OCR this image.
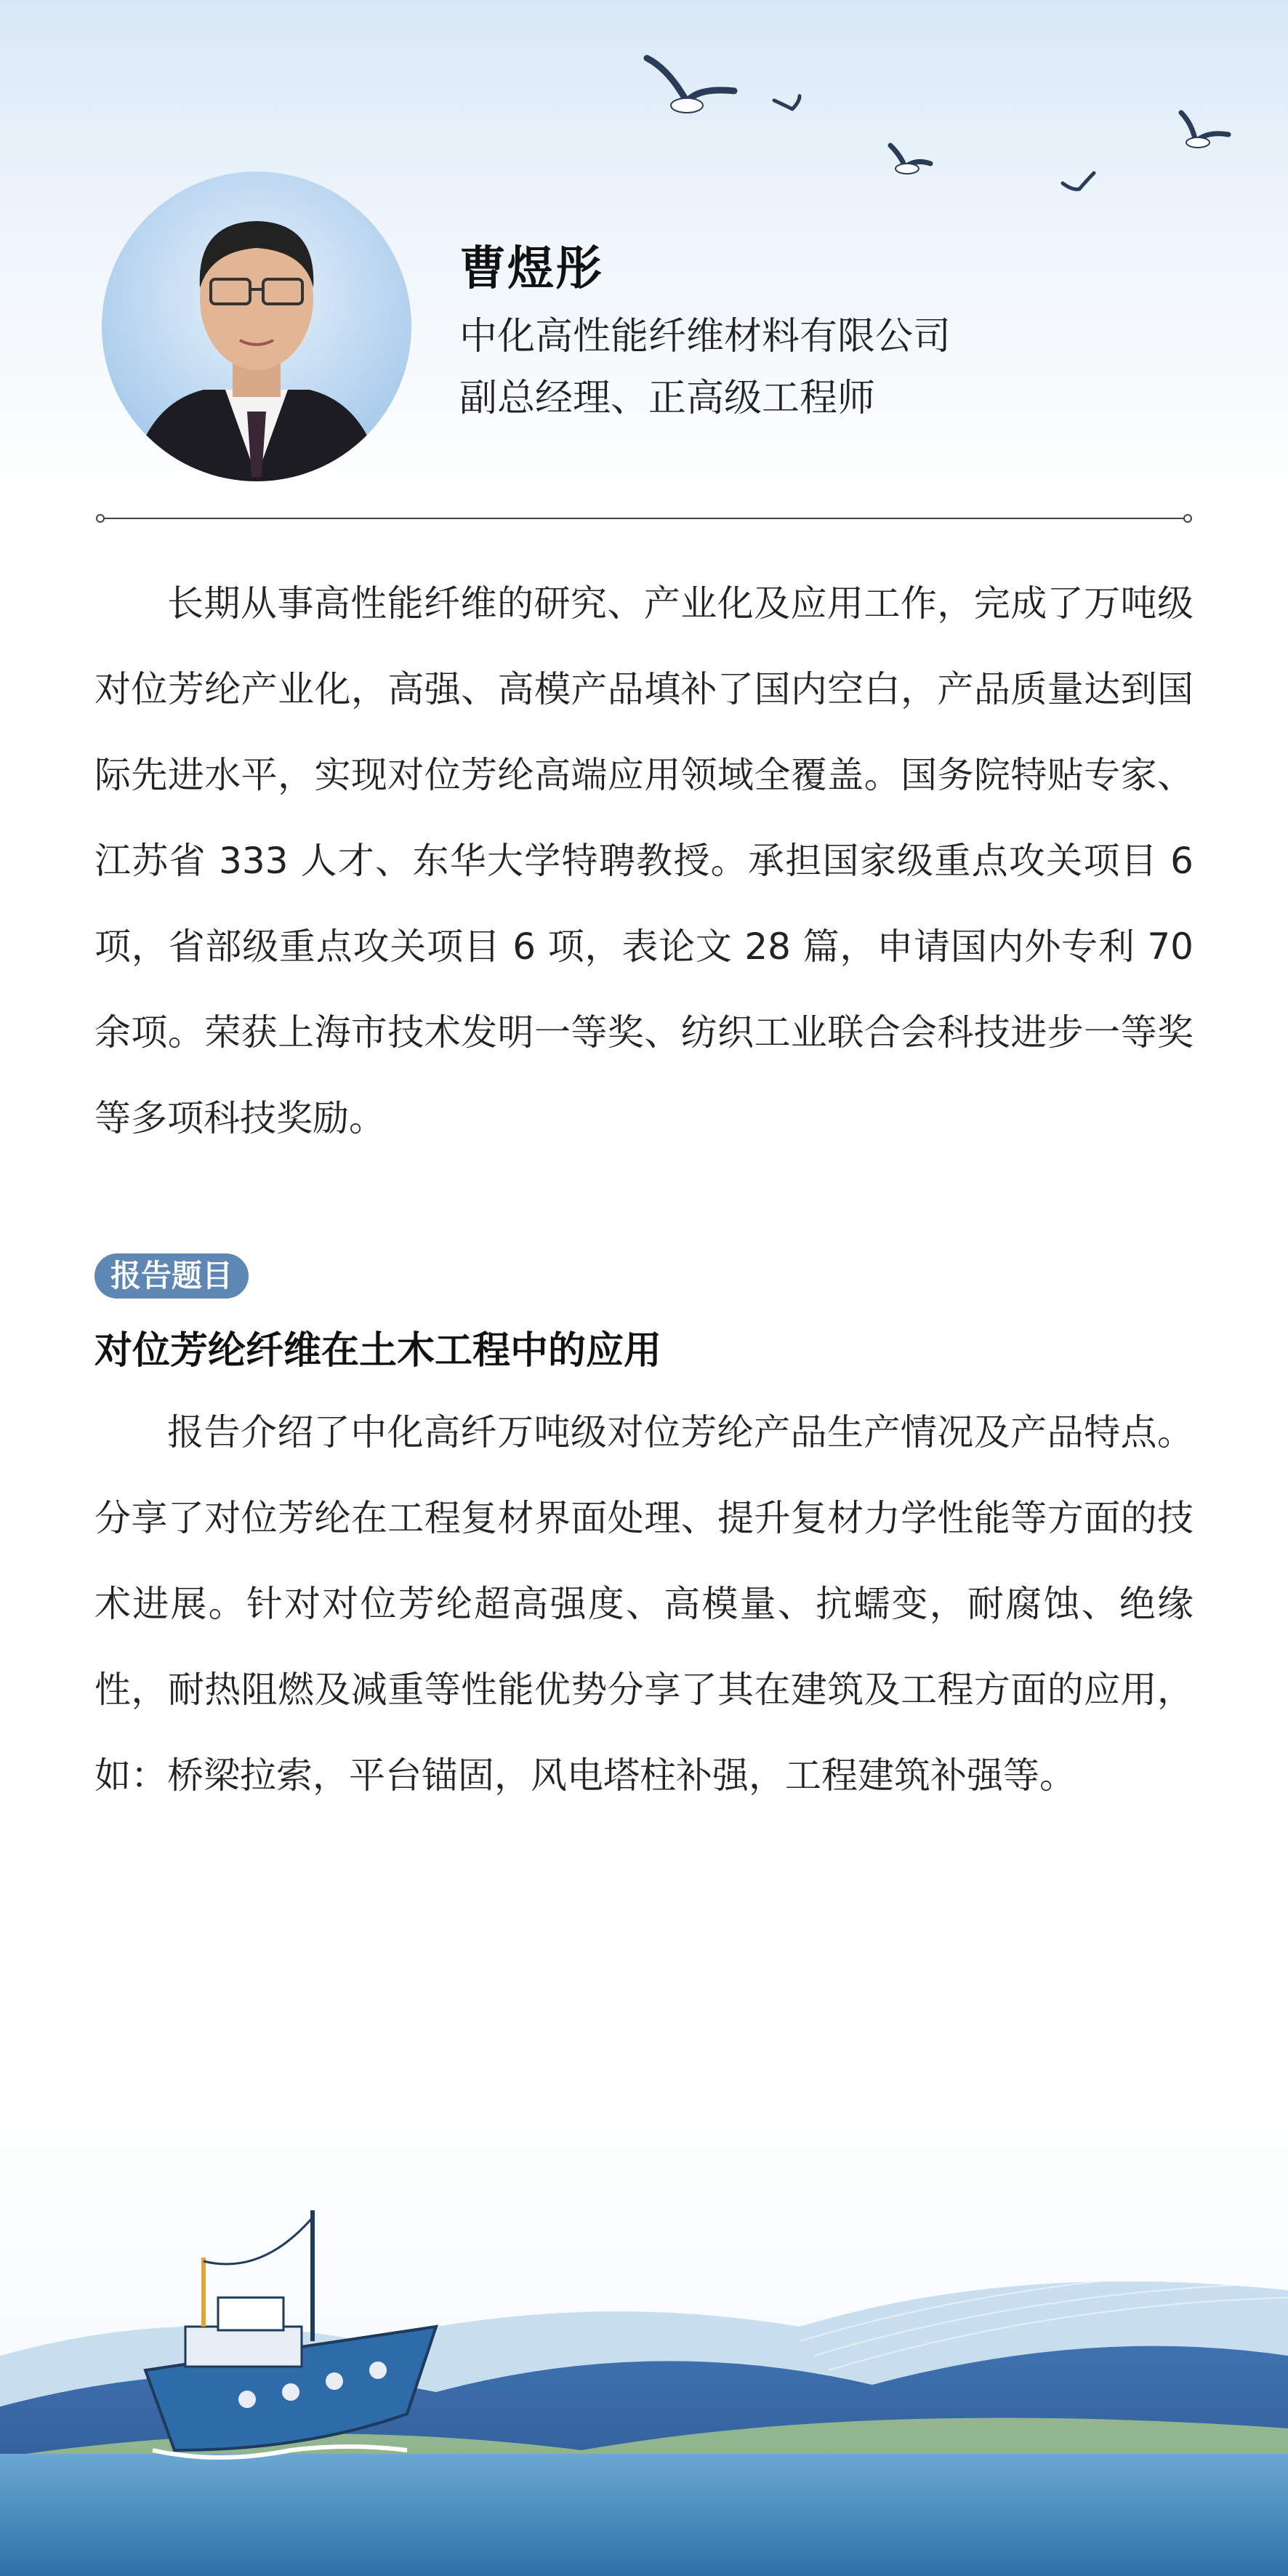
曹煜彤
中化高性能纤维材料有限公司
副总经理、正高级工程师

长期从事高性能纤维的研究、产业化及应用工作，完成了万吨级对位芳纶产业化，高强、高模产品填补了国内空白，产品质量达到国际先进水平，实现对位芳纶高端应用领域全覆盖。国务院特贴专家、江苏省 333 人才、东华大学特聘教授。承担国家级重点攻关项目 6 项，省部级重点攻关项目 6 项，表论文 28 篇，申请国内外专利 70 余项。荣获上海市技术发明一等奖、纺织工业联合会科技进步一等奖等多项科技奖励。

报告题目
对位芳纶纤维在土木工程中的应用

报告介绍了中化高纤万吨级对位芳纶产品生产情况及产品特点。分享了对位芳纶在工程复材界面处理、提升复材力学性能等方面的技术进展。针对对位芳纶超高强度、高模量、抗蠕变，耐腐蚀、绝缘性，耐热阻燃及减重等性能优势分享了其在建筑及工程方面的应用，如：桥梁拉索，平台锚固，风电塔柱补强，工程建筑补强等。
